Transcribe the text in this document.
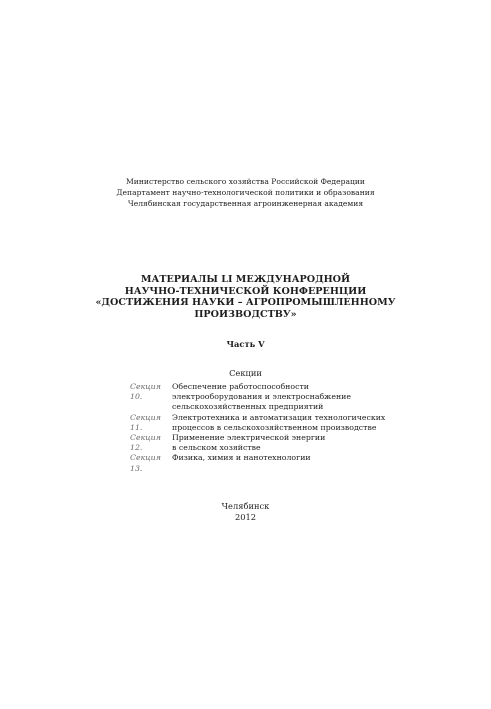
Министерство сельского хозяйства Российской Федерации
Департамент научно-технологической политики и образования
Челябинская государственная агроинженерная академия
МАТЕРИАЛЫ LI МЕЖДУНАРОДНОЙ
НАУЧНО-ТЕХНИЧЕСКОЙ КОНФЕРЕНЦИИ
«ДОСТИЖЕНИЯ НАУКИ – АГРОПРОМЫШЛЕННОМУ
ПРОИЗВОДСТВУ»
Часть V
Секции
Секция 10.
Обеспечение работоспособности
электрооборудования и электроснабжение
сельскохозяйственных предприятий
Секция 11.
Электротехника и автоматизация технологических
процессов в сельскохозяйственном производстве
Секция 12.
Применение электрической энергии
в сельском хозяйстве
Секция 13.
Физика, химия и нанотехнологии
Челябинск
2012
